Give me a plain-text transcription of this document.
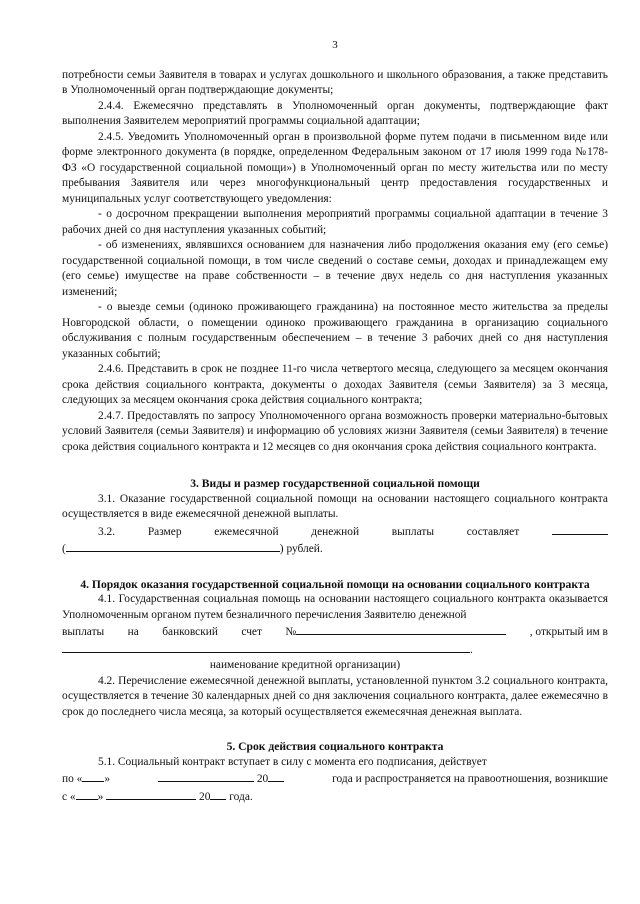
3

потребности семьи Заявителя в товарах и услугах дошкольного и школьного образования, а также представить в Уполномоченный орган подтверждающие документы;

2.4.4. Ежемесячно представлять в Уполномоченный орган документы, подтверждающие факт выполнения Заявителем мероприятий программы социальной адаптации;

2.4.5. Уведомить Уполномоченный орган в произвольной форме путем подачи в письменном виде или форме электронного документа (в порядке, определенном Федеральным законом от 17 июля 1999 года №178-ФЗ «О государственной социальной помощи») в Уполномоченный орган по месту жительства или по месту пребывания Заявителя или через многофункциональный центр предоставления государственных и муниципальных услуг соответствующего уведомления:

- о досрочном прекращении выполнения мероприятий программы социальной адаптации в течение 3 рабочих дней со дня наступления указанных событий;

- об изменениях, являвшихся основанием для назначения либо продолжения оказания ему (его семье) государственной социальной помощи, в том числе сведений о составе семьи, доходах и принадлежащем ему (его семье) имуществе на праве собственности – в течение двух недель со дня наступления указанных изменений;

- о выезде семьи (одиноко проживающего гражданина) на постоянное место жительства за пределы Новгородской области, о помещении одиноко проживающего гражданина в организацию социального обслуживания с полным государственным обеспечением – в течение 3 рабочих дней со дня наступления указанных событий;

2.4.6. Представить в срок не позднее 11-го числа четвертого месяца, следующего за месяцем окончания срока действия социального контракта, документы о доходах Заявителя (семьи Заявителя) за 3 месяца, следующих за месяцем окончания срока действия социального контракта;

2.4.7. Предоставлять по запросу Уполномоченного органа возможность проверки материально-бытовых условий Заявителя (семьи Заявителя) и информацию об условиях жизни Заявителя (семьи Заявителя) в течение срока действия социального контракта и 12 месяцев со дня окончания срока действия социального контракта.

3. Виды и размер государственной социальной помощи

3.1. Оказание государственной социальной помощи на основании настоящего социального контракта осуществляется в виде ежемесячной денежной выплаты.

3.2.	Размер	ежемесячной	денежной	выплаты	составляет
(	) рублей.

4. Порядок оказания государственной социальной помощи на основании социального контракта

4.1. Государственная социальная помощь на основании настоящего социального контракта оказывается Уполномоченным органом путем безналичного перечисления Заявителю денежной

выплаты на банковский счет №	, открытый им в
.

наименование кредитной организации)

4.2. Перечисление ежемесячной денежной выплаты, установленной пунктом 3.2 социального контракта, осуществляется в течение 30 календарных дней со дня заключения социального контракта, далее ежемесячно в срок до последнего числа месяца, за который осуществляется ежемесячная денежная выплата.

5. Срок действия социального контракта

5.1. Социальный контракт вступает в силу с момента его подписания, действует

по « »	20	года и распространяется на правоотношения, возникшие
с « »	20 года.
